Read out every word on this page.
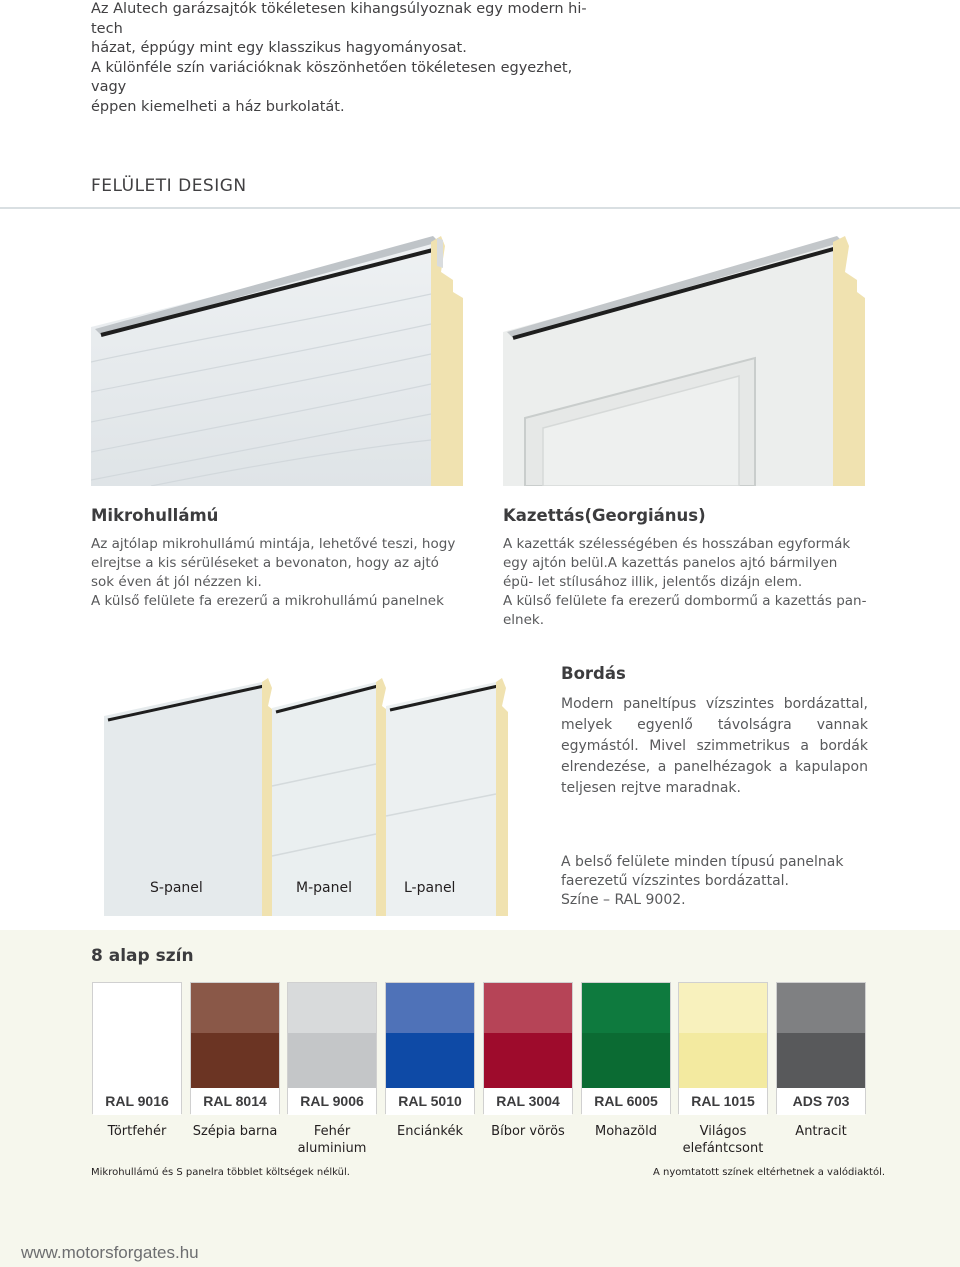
Az Alutech garázsajtók tökéletesen kihangsúlyoznak egy modern hi-tech
házat, éppúgy mint egy klasszikus hagyományosat.
A különféle szín variációknak köszönhetően tökéletesen egyezhet, vagy
éppen kiemelheti a ház burkolatát.
FELÜLETI DESIGN
Mikrohullámú
Az ajtólap mikrohullámú mintája, lehetővé teszi, hogy elrejtse a kis sérüléseket a bevonaton, hogy az ajtó sok éven át jól nézzen ki.
A külső felülete fa erezerű a mikrohullámú panelnek
Kazettás(Georgiánus)
A kazetták szélességében és hosszában egyformák egy ajtón belül.A kazettás panelos ajtó bármilyen épü- let stílusához illik, jelentős dizájn elem.
A külső felülete fa erezerű dombormű a kazettás pan- elnek.
S-panel	M-panel	L-panel
Bordás
Modern paneltípus vízszintes bordázattal, melyek egyenlő távolságra vannak egymástól. Mivel szimmetrikus a bordák elrendezése, a panelhézagok a kapulapon teljesen rejtve maradnak.
A belső felülete minden típusú panelnak
faerezetű vízszintes bordázattal.
Színe – RAL 9002.
8 alap szín
RAL 9016
Törtfehér
RAL 8014
Szépia barna
RAL 9006
Fehér aluminium
RAL 5010
Enciánkék
RAL 3004
Bíbor vörös
RAL 6005
Mohazöld
RAL 1015
Világos elefántcsont
ADS 703
Antracit
Mikrohullámú és S panelra többlet költségek nélkül.	A nyomtatott színek eltérhetnek a valódiaktól.
www.motorsforgates.hu
